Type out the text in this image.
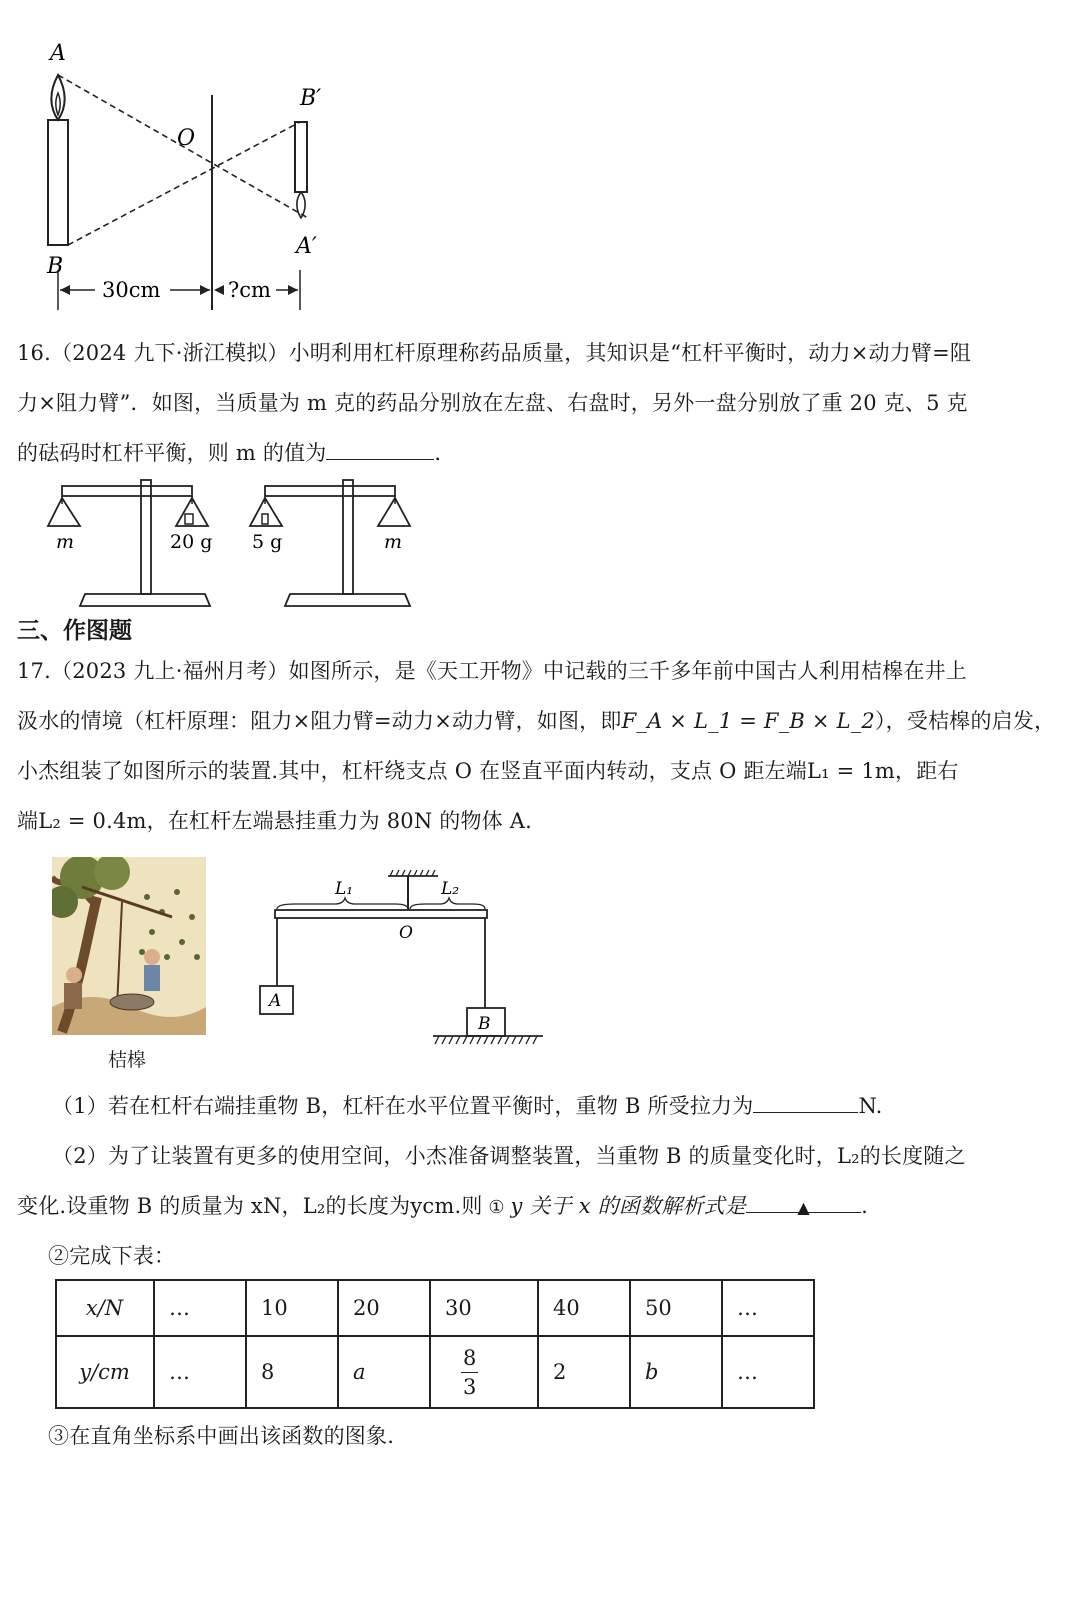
A
B
O
B′
A′
30cm	?cm
16.（2024 九下·浙江模拟）小明利用杠杆原理称药品质量，其知识是“杠杆平衡时，动力×动力臂=阻
力×阻力臂”．如图，当质量为 m 克的药品分别放在左盘、右盘时，另外一盘分别放了重 20 克、5 克
的砝码时杠杆平衡，则 m 的值为	．
m	20 g 5 g	m
三、作图题
17.（2023 九上·福州月考）如图所示，是《天工开物》中记载的三千多年前中国古人利用桔槔在井上
汲水的情境（杠杆原理：阻力×阻力臂=动力×动力臂，如图，即F_A × L_1 = F_B × L_2），受桔槔的启发，
小杰组装了如图所示的装置.其中，杠杆绕支点 O 在竖直平面内转动，支点 O 距左端L₁ = 1m，距右
端L₂ = 0.4m，在杠杆左端悬挂重力为 80N 的物体 A.
桔槔
A
B
L₁	L₂
O
（1）若在杠杆右端挂重物 B，杠杆在水平位置平衡时，重物 B 所受拉力为	N.
（2）为了让装置有更多的使用空间，小杰准备调整装置，当重物 B 的质量变化时，L₂的长度随之
变化.设重物 B 的质量为 xN，L₂的长度为ycm.则 ① y 关于 x 的函数解析式是	▲ .
②完成下表：
x/N	…	10	20	30	40	50	…
y/cm	…	8	a	$\frac{8}{3}$	2	b	…
③在直角坐标系中画出该函数的图象.
